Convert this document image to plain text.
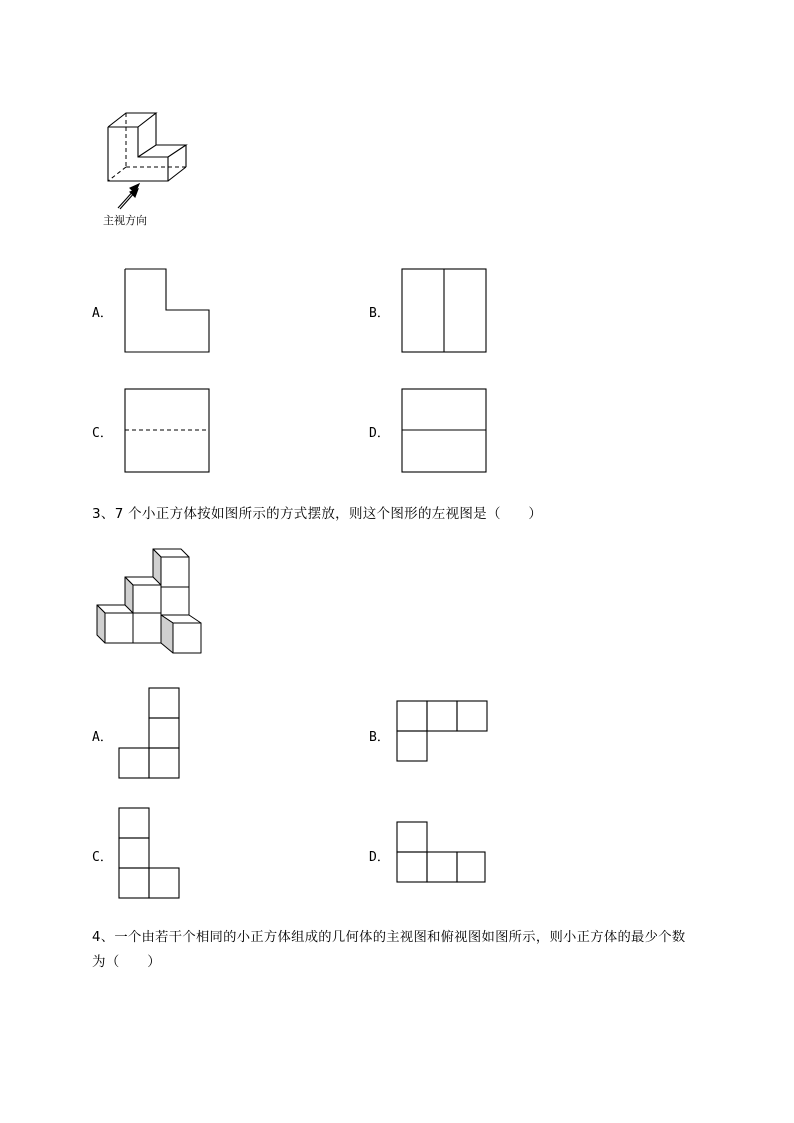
主视方向
A．	B．
C．	D．
3、7 个小正方体按如图所示的方式摆放，则这个图形的左视图是（　　）
A．	B．
C．	D．
4、一个由若干个相同的小正方体组成的几何体的主视图和俯视图如图所示，则小正方体的最少个数
为（　　）
